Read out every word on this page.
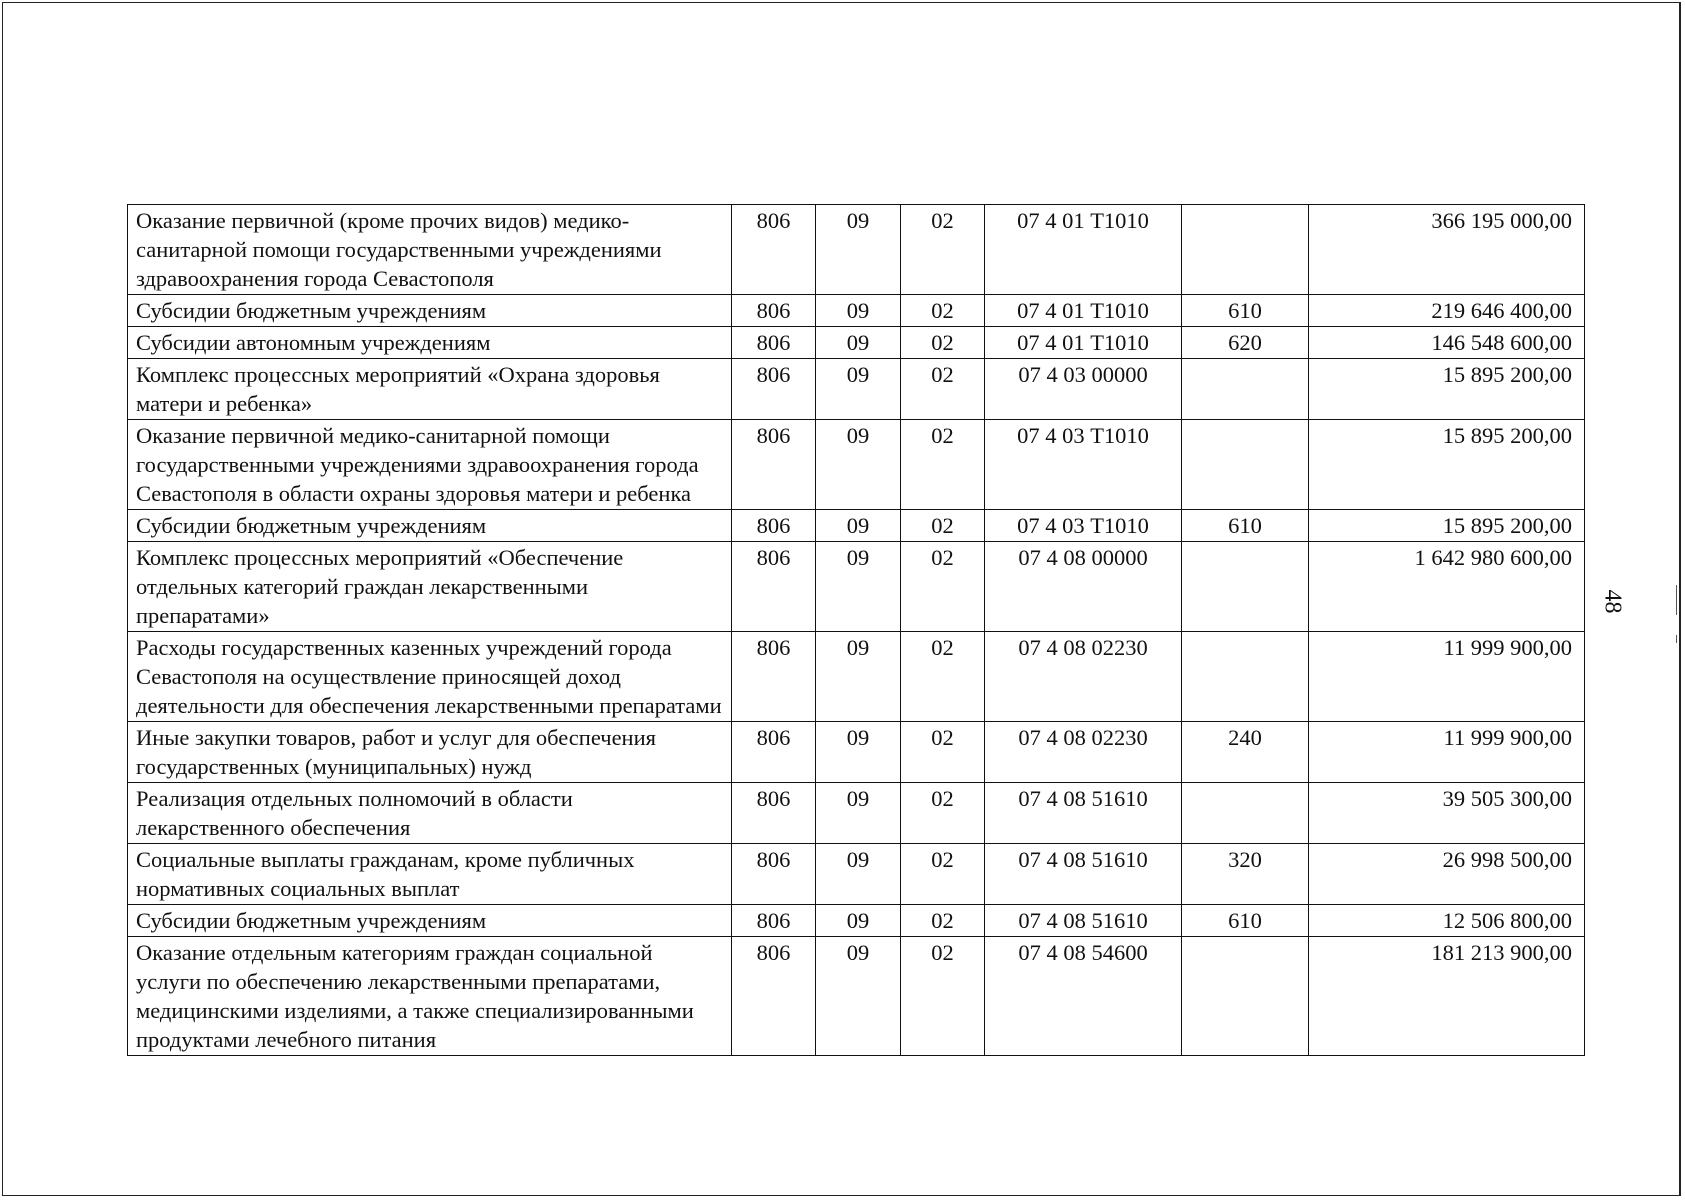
Оказание первичной (кроме прочих видов) медико-санитарной помощи государственными учреждениями здравоохранения города Севастополя	806	09	02	07 4 01 Т1010		366 195 000,00
Субсидии бюджетным учреждениям	806	09	02	07 4 01 Т1010	610	219 646 400,00
Субсидии автономным учреждениям	806	09	02	07 4 01 Т1010	620	146 548 600,00
Комплекс процессных мероприятий «Охрана здоровья матери и ребенка»	806	09	02	07 4 03 00000		15 895 200,00
Оказание первичной медико-санитарной помощи государственными учреждениями здравоохранения города Севастополя в области охраны здоровья матери и ребенка	806	09	02	07 4 03 Т1010		15 895 200,00
Субсидии бюджетным учреждениям	806	09	02	07 4 03 Т1010	610	15 895 200,00
Комплекс процессных мероприятий «Обеспечение отдельных категорий граждан лекарственными препаратами»	806	09	02	07 4 08 00000		1 642 980 600,00
Расходы государственных казенных учреждений города Севастополя на осуществление приносящей доход деятельности для обеспечения лекарственными препаратами	806	09	02	07 4 08 02230		11 999 900,00
Иные закупки товаров, работ и услуг для обеспечения государственных (муниципальных) нужд	806	09	02	07 4 08 02230	240	11 999 900,00
Реализация отдельных полномочий в области лекарственного обеспечения	806	09	02	07 4 08 51610		39 505 300,00
Социальные выплаты гражданам, кроме публичных нормативных социальных выплат	806	09	02	07 4 08 51610	320	26 998 500,00
Субсидии бюджетным учреждениям	806	09	02	07 4 08 51610	610	12 506 800,00
Оказание отдельным категориям граждан социальной услуги по обеспечению лекарственными препаратами, медицинскими изделиями, а также специализированными продуктами лечебного питания	806	09	02	07 4 08 54600		181 213 900,00
48
